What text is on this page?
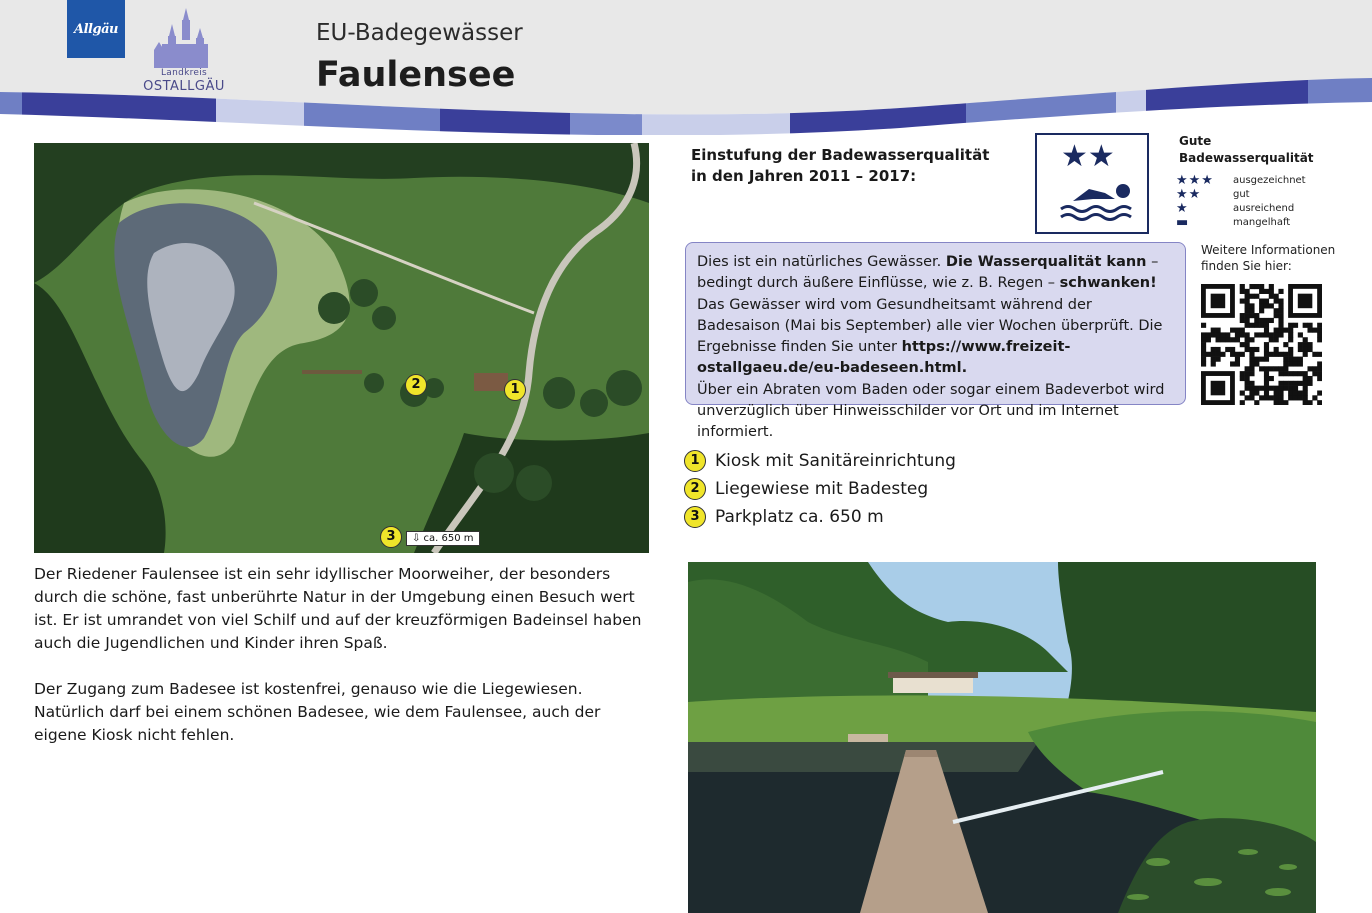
Allgäu
Landkreis
OSTALLGÄU
EU-Badegewässer
Faulensee
1
2
3	⇩ ca. 650 m

Der Riedener Faulensee ist ein sehr idyllischer Moorweiher, der besonders durch die schöne, fast unberührte Natur in der Umgebung einen Besuch wert ist. Er ist umrandet von viel Schilf und auf der kreuzförmigen Badeinsel haben auch die Jugendlichen und Kinder ihren Spaß.

Der Zugang zum Badesee ist kostenfrei, genauso wie die Liegewiesen. Natürlich darf bei einem schönen Badesee, wie dem Faulensee, auch der eigene Kiosk nicht fehlen.

Einstufung der Badewasserqualität in den Jahren 2011 – 2017:
★★	Gute Badewasserqualität
★★★	ausgezeichnet
★★	gut
★	ausreichend
▬	mangelhaft
Dies ist ein natürliches Gewässer. Die Wasserqualität kann – bedingt durch äußere Einflüsse, wie z. B. Regen – schwanken!
Das Gewässer wird vom Gesundheitsamt während der Badesaison (Mai bis September) alle vier Wochen überprüft. Die Ergebnisse finden Sie unter https://www.freizeit-ostallgaeu.de/eu-badeseen.html.
Über ein Abraten vom Baden oder sogar einem Badeverbot wird unverzüglich über Hinweisschilder vor Ort und im Internet informiert.
Weitere Informationen finden Sie hier:
1 Kiosk mit Sanitäreinrichtung
2 Liegewiese mit Badesteg
3 Parkplatz ca. 650 m
